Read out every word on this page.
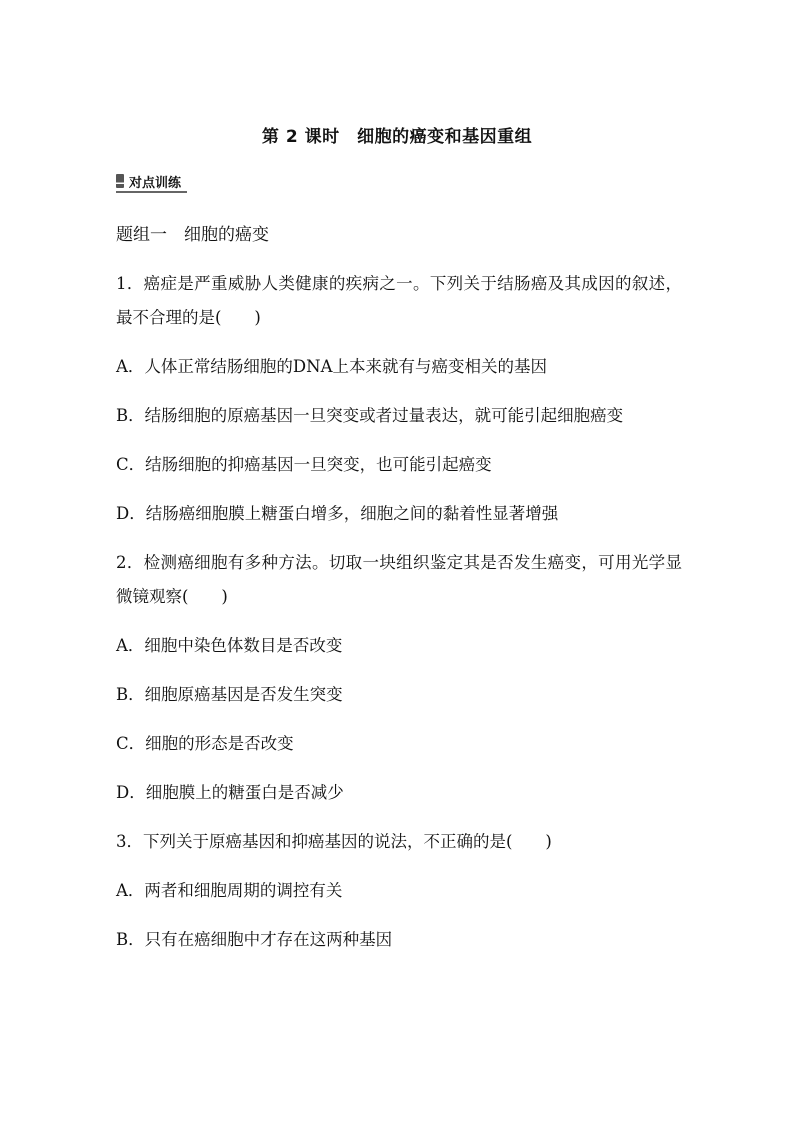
第 2 课时　细胞的癌变和基因重组
对点训练
题组一　细胞的癌变
1．癌症是严重威胁人类健康的疾病之一。下列关于结肠癌及其成因的叙述，最不合理的是(　　)
A．人体正常结肠细胞的DNA上本来就有与癌变相关的基因
B．结肠细胞的原癌基因一旦突变或者过量表达，就可能引起细胞癌变
C．结肠细胞的抑癌基因一旦突变，也可能引起癌变
D．结肠癌细胞膜上糖蛋白增多，细胞之间的黏着性显著增强
2．检测癌细胞有多种方法。切取一块组织鉴定其是否发生癌变，可用光学显微镜观察(　　)
A．细胞中染色体数目是否改变
B．细胞原癌基因是否发生突变
C．细胞的形态是否改变
D．细胞膜上的糖蛋白是否减少
3．下列关于原癌基因和抑癌基因的说法，不正确的是(　　)
A．两者和细胞周期的调控有关
B．只有在癌细胞中才存在这两种基因
